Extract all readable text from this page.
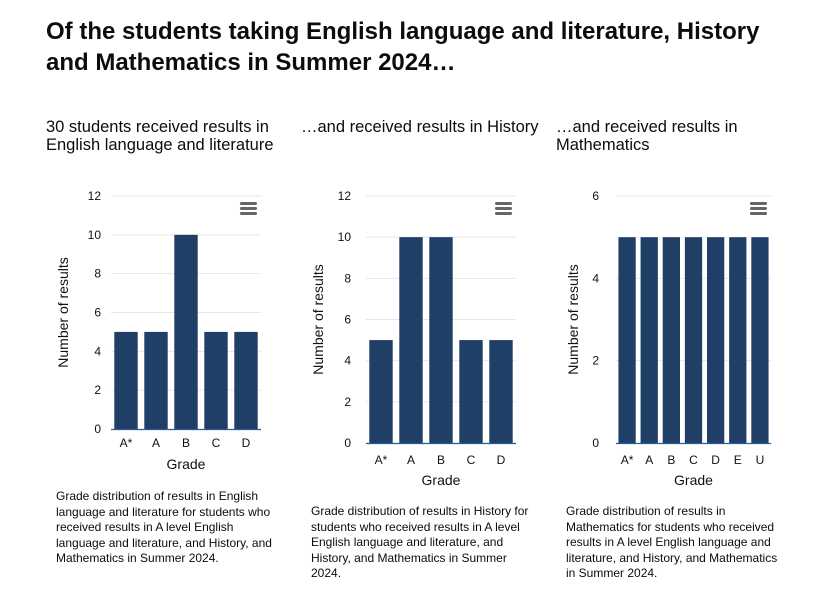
Of the students taking English language and literature, History and Mathematics in Summer 2024…
30 students received results in English language and literature
0
2
4
6
8
10
12
A* A B C D
Grade
Number of results

Grade distribution of results in English language and literature for students who received results in A level English language and literature, and History, and Mathematics in Summer 2024.

…and received results in History
0
2
4
6
8
10
12
A* A B C D
Grade
Number of results

Grade distribution of results in History for students who received results in A level English language and literature, and History, and Mathematics in Summer 2024.

…and received results in Mathematics
0
2
4
6
A* A B C D E U
Grade
Number of results

Grade distribution of results in Mathematics for students who received results in A level English language and literature, and History, and Mathematics in Summer 2024.
